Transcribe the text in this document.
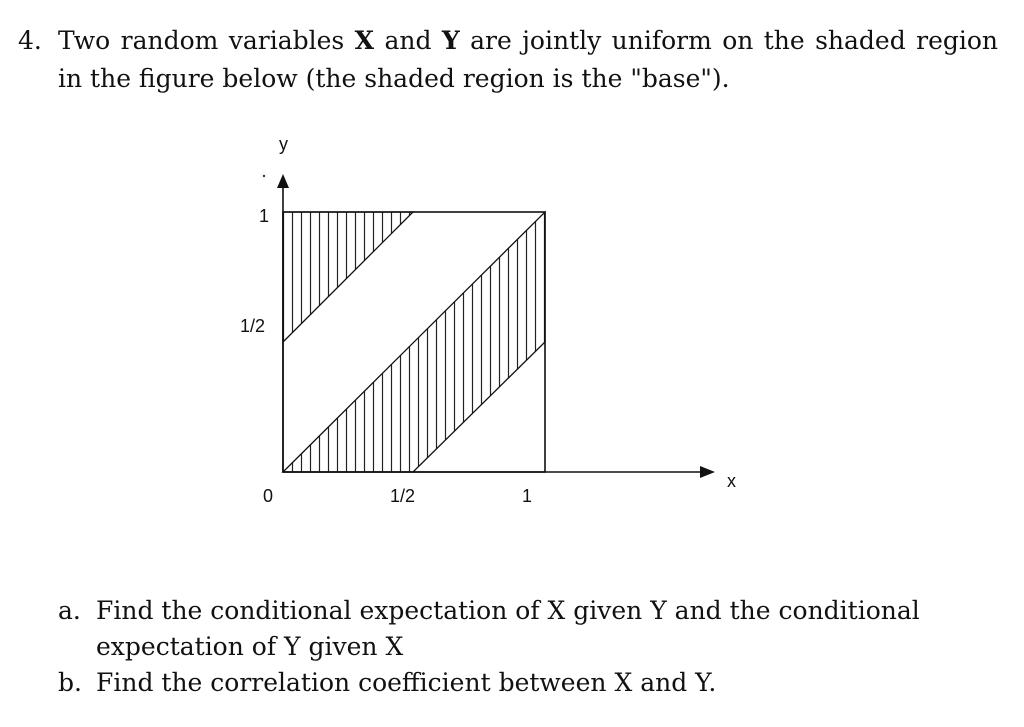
4. Two random variables X and Y are jointly uniform on the shaded region in the figure below (the shaded region is the "base").
y
x
1
1/2
0	1/2	1
a. Find the conditional expectation of X given Y and the conditional expectation of Y given X
b. Find the correlation coefficient between X and Y.
